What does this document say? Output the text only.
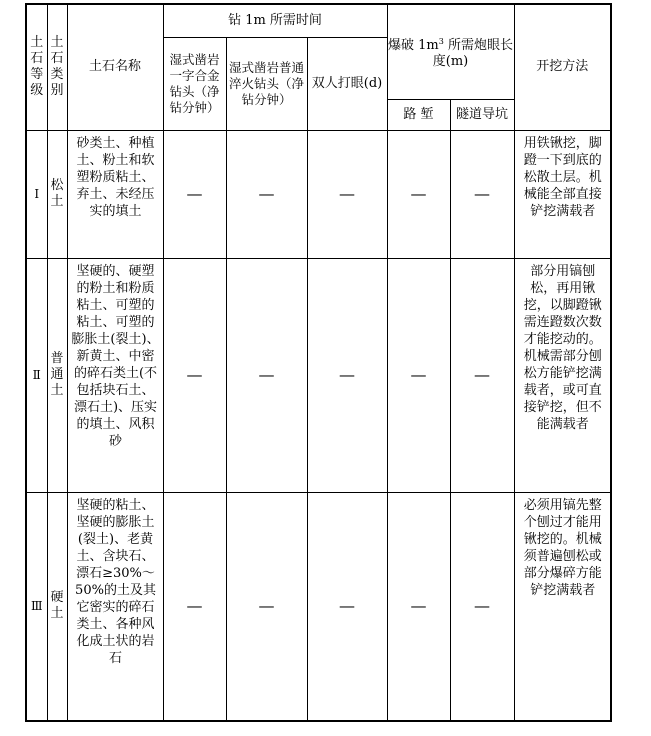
土石等级	土石类别	土石名称	钻 1m 所需时间			爆破 $1m^3$ 所需炮眼长度(m)		开挖方法
			湿式凿岩一字合金钻头（净钻分钟）	湿式凿岩普通淬火钻头（净钻分钟）	双人打眼(d)			
						路 堑	隧道导坑	
Ⅰ	松土	砂类土、种植土、粉土和软塑粉质粘土、弃土、未经压实的填土	—	—	—	—	—	用铁锹挖，脚蹬一下到底的松散土层。机械能全部直接铲挖满载者
Ⅱ	普通土	坚硬的、硬塑的粉土和粉质粘土、可塑的粘土、可塑的膨胀土(裂土)、新黄土、中密的碎石类土(不包括块石土、漂石土)、压实的填土、风积砂	—	—	—	—	—	部分用镐刨松，再用锹挖，以脚蹬锹需连蹬数次数才能挖动的。机械需部分刨松方能铲挖满载者，或可直接铲挖，但不能满载者
Ⅲ	硬土	坚硬的粘土、坚硬的膨胀土(裂土)、老黄土、含块石、漂石≥30%～50%的土及其它密实的碎石类土、各种风化成土状的岩石	—	—	—	—	—	必须用镐先整个刨过才能用锹挖的。机械须普遍刨松或部分爆碎方能铲挖满载者
